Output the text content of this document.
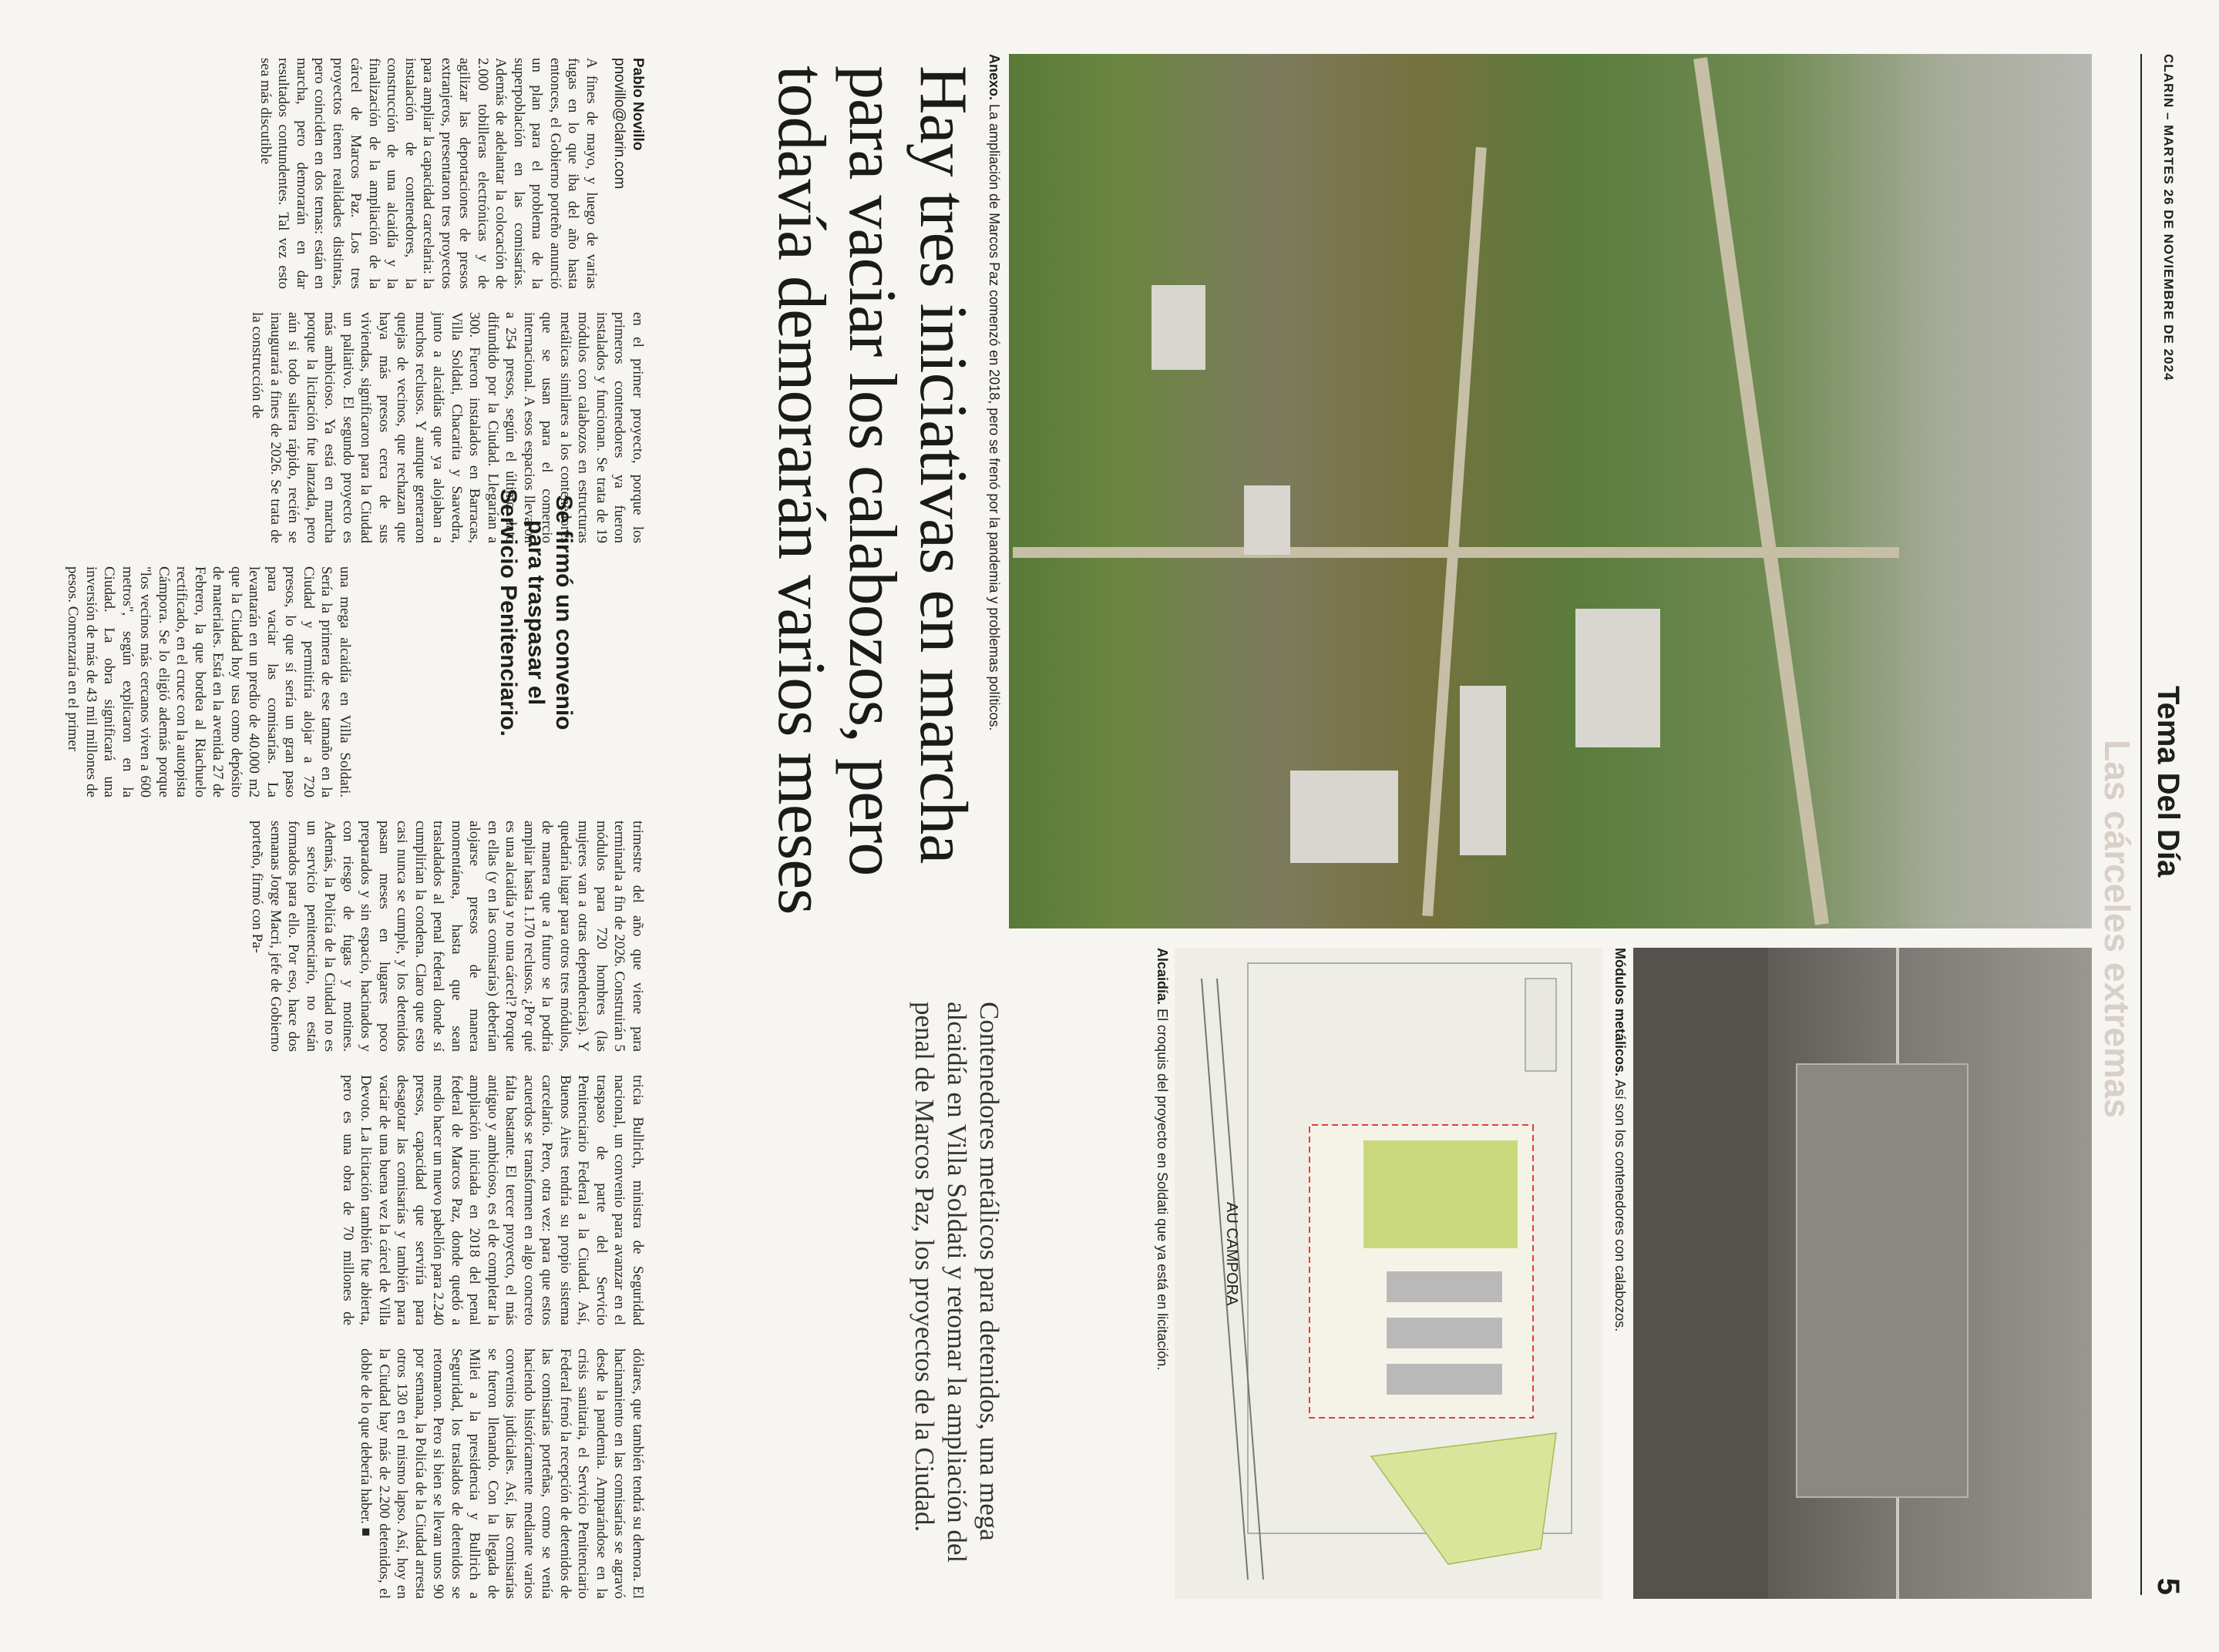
CLARIN – MARTES 26 DE NOVIEMBRE DE 2024
Tema Del Día
5
Las cárceles extremas
Anexo. La ampliación de Marcos Paz comenzó en 2018, pero se frenó por la pandemia y problemas políticos.
Módulos metálicos. Así son los contenedores con calabozos.
AU CAMPORA
Alcaidía. El croquis del proyecto en Soldati que ya está en licitación.
Hay tres iniciativas en marcha para vaciar los calabozos, pero todavía demorarán varios meses
Contenedores metálicos para detenidos, una mega alcaidía en Villa Soldati y retomar la ampliación del penal de Marcos Paz, los proyectos de la Ciudad.
Pablo Novillo
pnovillo@clarin.com

A fines de mayo, y luego de varias fugas en lo que iba del año hasta entonces, el Gobierno porteño anunció un plan para el problema de la superpoblación en las comisarías. Además de adelantar la colocación de 2.000 tobilleras electrónicas y de agilizar las deportaciones de presos extranjeros, presentaron tres proyectos para ampliar la capacidad carcelaria: la instalación de contenedores, la construcción de una alcaidía y la finalización de la ampliación de la cárcel de Marcos Paz. Los tres proyectos tienen realidades distintas, pero coinciden en dos temas: están en marcha, pero demorarán en dar resultados contundentes. Tal vez esto sea más discutible

en el primer proyecto, porque los primeros contenedores ya fueron instalados y funcionan. Se trata de 19 módulos con calabozos en estructuras metálicas similares a los contenedores que se usan para el comercio internacional. A esos espacios llevaron a 254 presos, según el último dato difundido por la Ciudad. Llegarían a 300. Fueron instalados en Barracas, Villa Soldati, Chacarita y Saavedra, junto a alcaidías que ya alojaban a muchos reclusos. Y aunque generaron quejas de vecinos, que rechazan que haya más presos cerca de sus viviendas, significaron para la Ciudad un paliativo. El segundo proyecto es más ambicioso. Ya está en marcha porque la licitación fue lanzada, pero aún si todo saliera rápido, recién se inaugurará a fines de 2026. Se trata de la construcción de

una mega alcaidía en Villa Soldati. Sería la primera de ese tamaño en la Ciudad y permitiría alojar a 720 presos, lo que sí sería un gran paso para vaciar las comisarías. La levantarán en un predio de 40.000 m2 que la Ciudad hoy usa como depósito de materiales. Está en la avenida 27 de Febrero, la que bordea al Riachuelo rectificado, en el cruce con la autopista Cámpora. Se lo eligió además porque "los vecinos más cercanos viven a 600 metros", según explicaron en la Ciudad. La obra significará una inversión de más de 43 mil millones de pesos. Comenzaría en el primer	Se firmó un convenio para traspasar el Servicio Penitenciario.

trimestre del año que viene para terminarla a fin de 2026. Construirán 5 módulos para 720 hombres (las mujeres van a otras dependencias). Y quedaría lugar para otros tres módulos, de manera que a futuro se la podría ampliar hasta 1.170 reclusos. ¿Por qué es una alcaidía y no una cárcel? Porque en ellas (y en las comisarías) deberían alojarse presos de manera momentánea, hasta que sean trasladados al penal federal donde sí cumplirían la condena. Claro que esto casi nunca se cumple, y los detenidos pasan meses en lugares poco preparados y sin espacio, hacinados y con riesgo de fugas y motines. Además, la Policía de la Ciudad no es un servicio penitenciario, no están formados para ello. Por eso, hace dos semanas Jorge Macri, jefe de Gobierno porteño, firmó con Pa-

tricia Bullrich, ministra de Seguridad nacional, un convenio para avanzar en el traspaso de parte del Servicio Penitenciario Federal a la Ciudad. Así, Buenos Aires tendría su propio sistema carcelario. Pero, otra vez: para que estos acuerdos se transformen en algo concreto falta bastante. El tercer proyecto, el más antiguo y ambicioso, es el de completar la ampliación iniciada en 2018 del penal federal de Marcos Paz, donde quedó a medio hacer un nuevo pabellón para 2.240 presos, capacidad que serviría para desagotar las comisarías y también para vaciar de una buena vez la cárcel de Villa Devoto. La licitación también fue abierta, pero es una obra de 70 millones de dólares, que también tendrá su demora. El hacinamiento en las comisarías se agravó desde la pandemia. Amparándose en la crisis sanitaria, el Servicio Penitenciario Federal frenó la recepción de detenidos de las comisarías porteñas, como se venía haciendo históricamente mediante varios convenios judiciales. Así, las comisarías se fueron llenando. Con la llegada de Milei a la presidencia y Bullrich a Seguridad, los traslados de detenidos se retomaron. Pero si bien se llevan unos 90 por semana, la Policía de la Ciudad arresta otros 130 en el mismo lapso. Así, hoy en la Ciudad hay más de 2.200 detenidos, el doble de lo que debería haber. ■
